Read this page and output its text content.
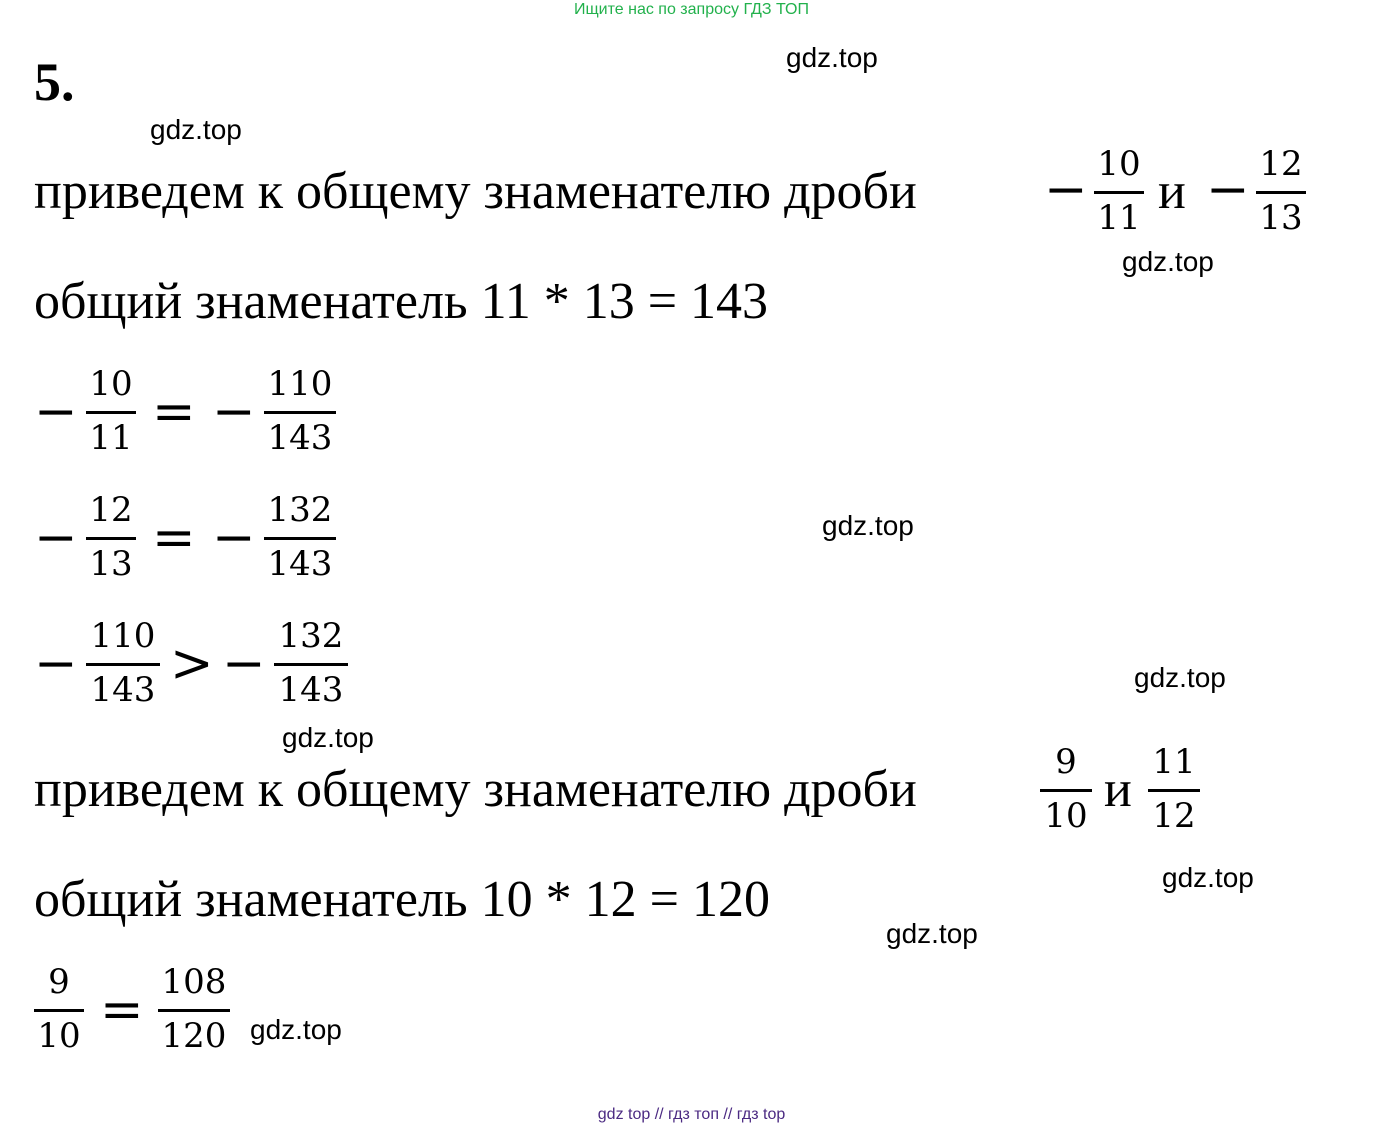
Ищите нас по запросу ГДЗ ТОП
5.	gdz.top
gdz.top
gdz.top
gdz.top
gdz.top
gdz.top
gdz.top
gdz.top
gdz.top
приведем к общему знаменателю дроби − 10
11 и − 12
13
общий знаменатель 11 * 13 = 143
− 10
11 = − 110
143
− 12
13 = − 132
143
− 110
143 > − 132
143
приведем к общему знаменателю дроби	9
10 и 11
12
общий знаменатель 10 * 12 = 120
9
10 = 108
120
gdz top // гдз топ // гдз top
